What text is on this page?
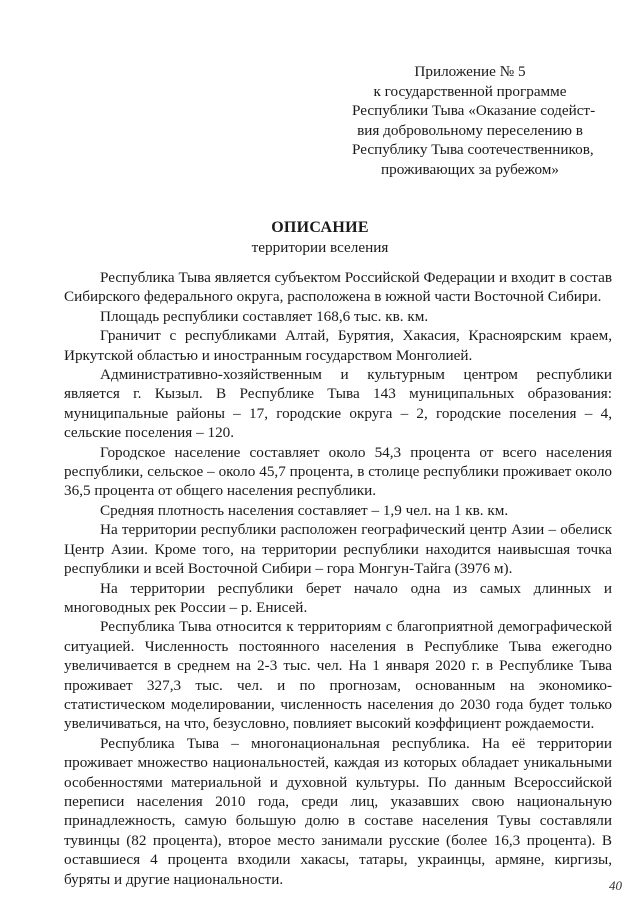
Приложение № 5
к государственной программе
Республики Тыва «Оказание содейст-
вия добровольному переселению в
Республику Тыва соотечественников,
проживающих за рубежом»
ОПИСАНИЕ
территории вселения

Республика Тыва является субъектом Российской Федерации и входит в состав Сибирского федерального округа, расположена в южной части Восточной Сибири.

Площадь республики составляет 168,6 тыс. кв. км.

Граничит с республиками Алтай, Бурятия, Хакасия, Красноярским краем, Иркутской областью и иностранным государством Монголией.

Административно-хозяйственным и культурным центром республики является г. Кызыл. В Республике Тыва 143 муниципальных образования: муниципальные районы – 17, городские округа – 2, городские поселения – 4, сельские поселения – 120.

Городское население составляет около 54,3 процента от всего населения республики, сельское – около 45,7 процента, в столице республики проживает около 36,5 процента от общего населения республики.

Средняя плотность населения составляет – 1,9 чел. на 1 кв. км.

На территории республики расположен географический центр Азии – обелиск Центр Азии. Кроме того, на территории республики находится наивысшая точка республики и всей Восточной Сибири – гора Монгун-Тайга (3976 м).

На территории республики берет начало одна из самых длинных и многоводных рек России – р. Енисей.

Республика Тыва относится к территориям с благоприятной демографической ситуацией. Численность постоянного населения в Республике Тыва ежегодно увеличивается в среднем на 2-3 тыс. чел. На 1 января 2020 г. в Республике Тыва проживает 327,3 тыс. чел. и по прогнозам, основанным на экономико-статистическом моделировании, численность населения до 2030 года будет только увеличиваться, на что, безусловно, повлияет высокий коэффициент рождаемости.

Республика Тыва – многонациональная республика. На её территории проживает множество национальностей, каждая из которых обладает уникальными особенностями материальной и духовной культуры. По данным Всероссийской переписи населения 2010 года, среди лиц, указавших свою национальную принадлежность, самую большую долю в составе населения Тувы составляли тувинцы (82 процента), второе место занимали русские (более 16,3 процента). В оставшиеся 4 процента входили хакасы, татары, украинцы, армяне, киргизы, буряты и другие национальности.	40
